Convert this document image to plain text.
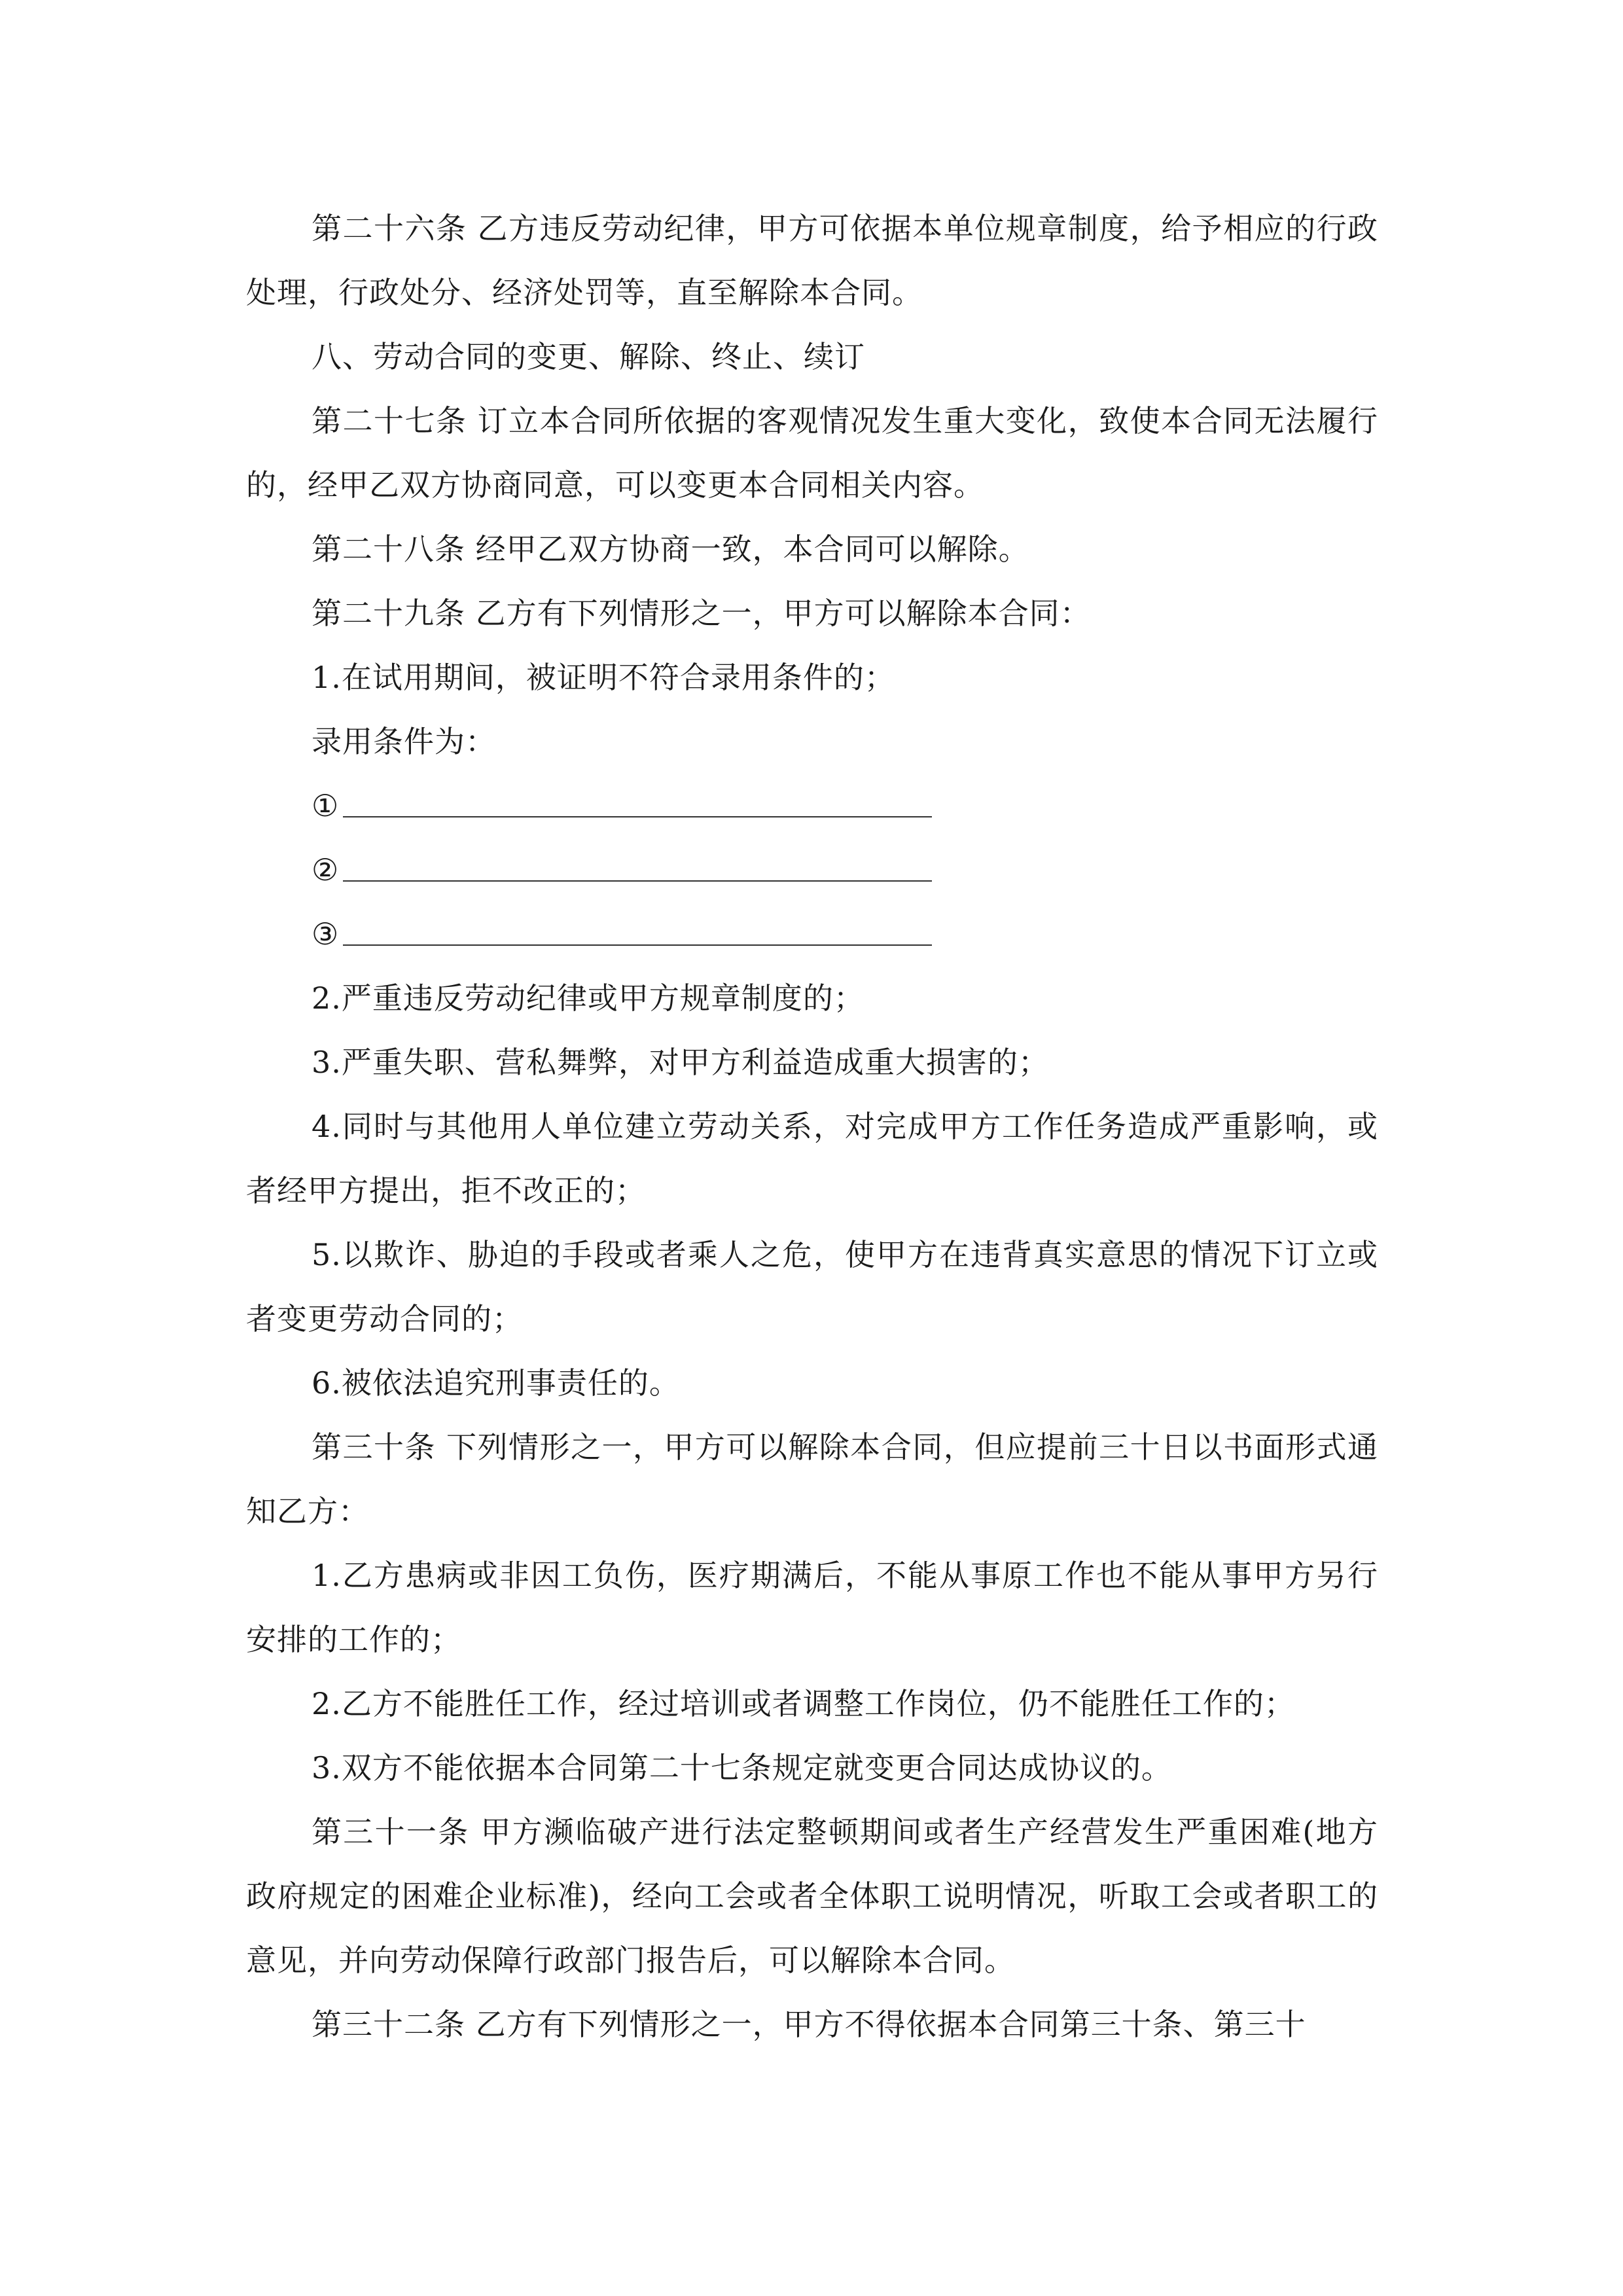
第二十六条 乙方违反劳动纪律，甲方可依据本单位规章制度，给予相应的行政处理，行政处分、经济处罚等，直至解除本合同。

八、劳动合同的变更、解除、终止、续订

第二十七条 订立本合同所依据的客观情况发生重大变化，致使本合同无法履行的，经甲乙双方协商同意，可以变更本合同相关内容。

第二十八条 经甲乙双方协商一致，本合同可以解除。

第二十九条 乙方有下列情形之一，甲方可以解除本合同：

1.在试用期间，被证明不符合录用条件的；

录用条件为：

①
②
③

2.严重违反劳动纪律或甲方规章制度的；

3.严重失职、营私舞弊，对甲方利益造成重大损害的；

4.同时与其他用人单位建立劳动关系，对完成甲方工作任务造成严重影响，或者经甲方提出，拒不改正的；

5.以欺诈、胁迫的手段或者乘人之危，使甲方在违背真实意思的情况下订立或者变更劳动合同的；

6.被依法追究刑事责任的。

第三十条 下列情形之一，甲方可以解除本合同，但应提前三十日以书面形式通知乙方：

1.乙方患病或非因工负伤，医疗期满后，不能从事原工作也不能从事甲方另行安排的工作的；

2.乙方不能胜任工作，经过培训或者调整工作岗位，仍不能胜任工作的；

3.双方不能依据本合同第二十七条规定就变更合同达成协议的。

第三十一条 甲方濒临破产进行法定整顿期间或者生产经营发生严重困难(地方政府规定的困难企业标准)，经向工会或者全体职工说明情况，听取工会或者职工的意见，并向劳动保障行政部门报告后，可以解除本合同。

第三十二条 乙方有下列情形之一，甲方不得依据本合同第三十条、第三十
